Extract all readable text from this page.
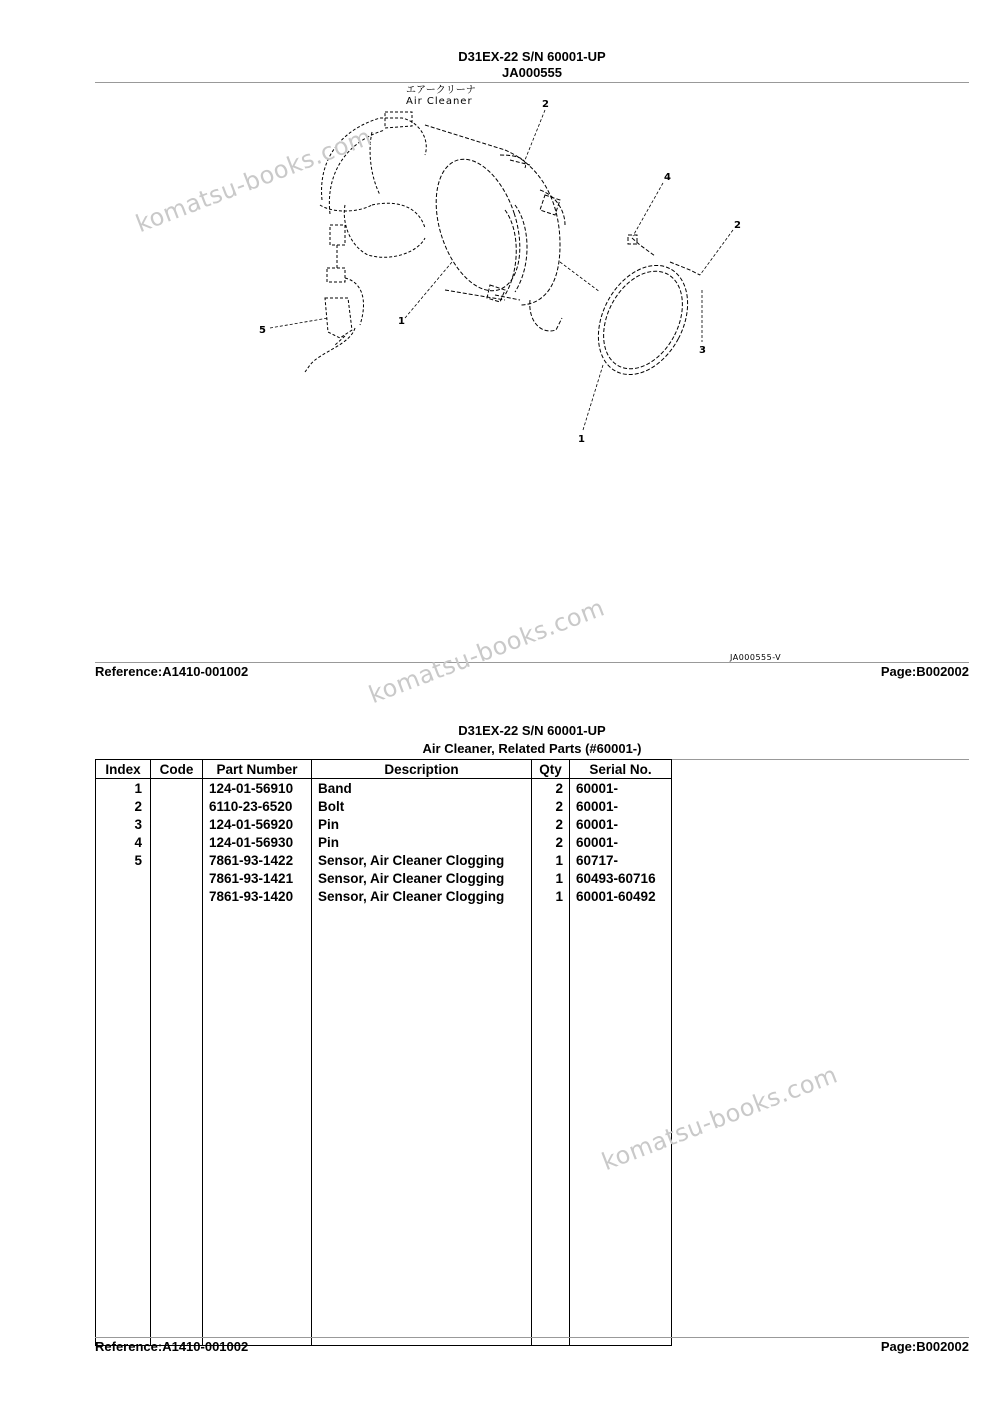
D31EX-22 S/N 60001-UP
JA000555
2
4
2
5
1
3
1
エアークリーナ
Air Cleaner
JA000555-V
Reference:A1410-001002	Page:B002002
D31EX-22 S/N 60001-UP
Air Cleaner, Related Parts (#60001-)
Index	Code	Part Number	Description	Qty	Serial No.
1		124-01-56910	Band	2	60001-
2		6110-23-6520	Bolt	2	60001-
3		124-01-56920	Pin	2	60001-
4		124-01-56930	Pin	2	60001-
5		7861-93-1422	Sensor, Air Cleaner Clogging	1	60717-
		7861-93-1421	Sensor, Air Cleaner Clogging	1	60493-60716
		7861-93-1420	Sensor, Air Cleaner Clogging	1	60001-60492

Reference:A1410-001002	Page:B002002
komatsu-books.com
komatsu-books.com
komatsu-books.com
